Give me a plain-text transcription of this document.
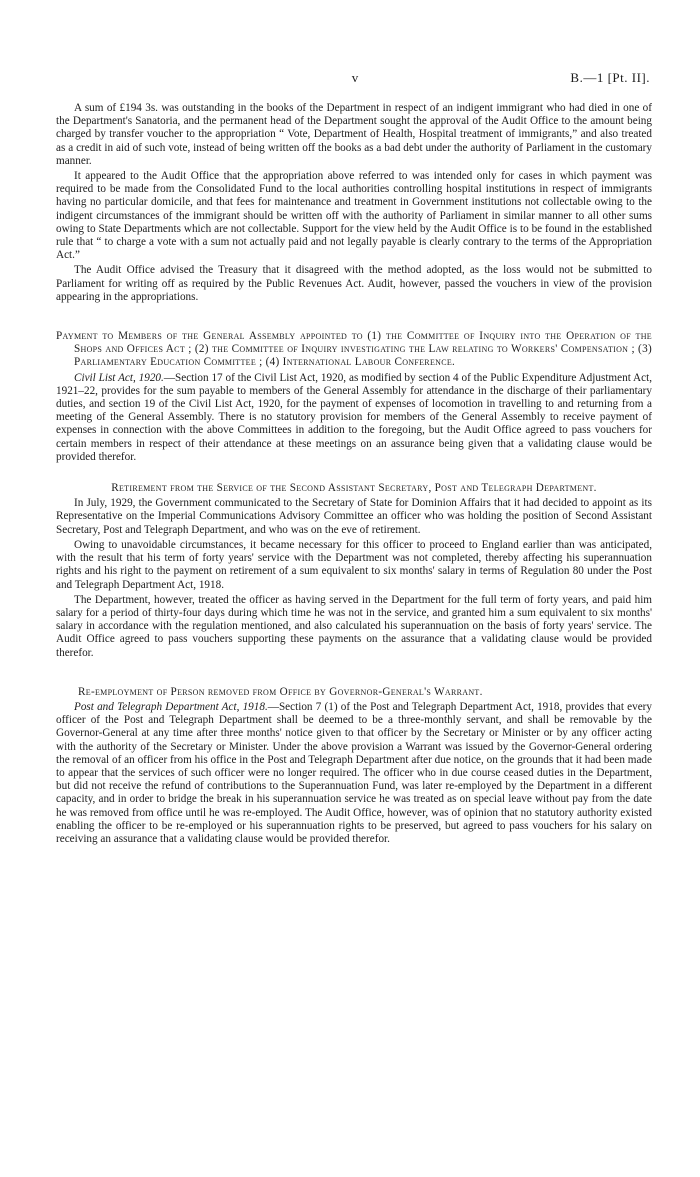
v	B.—1 [Pt. II].

A sum of £194 3s. was outstanding in the books of the Department in respect of an indigent immigrant who had died in one of the Department's Sanatoria, and the permanent head of the Department sought the approval of the Audit Office to the amount being charged by transfer voucher to the appropriation “ Vote, Department of Health, Hospital treatment of immigrants,” and also treated as a credit in aid of such vote, instead of being written off the books as a bad debt under the authority of Parliament in the customary manner.

It appeared to the Audit Office that the appropriation above referred to was intended only for cases in which payment was required to be made from the Consolidated Fund to the local authorities controlling hospital institutions in respect of immigrants having no particular domicile, and that fees for maintenance and treatment in Government institutions not collectable owing to the indigent circumstances of the immigrant should be written off with the authority of Parliament in similar manner to all other sums owing to State Departments which are not collectable. Support for the view held by the Audit Office is to be found in the established rule that “ to charge a vote with a sum not actually paid and not legally payable is clearly contrary to the terms of the Appropriation Act.”

The Audit Office advised the Treasury that it disagreed with the method adopted, as the loss would not be submitted to Parliament for writing off as required by the Public Revenues Act. Audit, however, passed the vouchers in view of the provision appearing in the appropriations.

Payment to Members of the General Assembly appointed to (1) the Committee of Inquiry into the Operation of the Shops and Offices Act ; (2) the Committee of Inquiry investigating the Law relating to Workers' Compensation ; (3) Parliamentary Education Committee ; (4) International Labour Conference.

Civil List Act, 1920.—Section 17 of the Civil List Act, 1920, as modified by section 4 of the Public Expenditure Adjustment Act, 1921–22, provides for the sum payable to members of the General Assembly for attendance in the discharge of their parliamentary duties, and section 19 of the Civil List Act, 1920, for the payment of expenses of locomotion in travelling to and returning from a meeting of the General Assembly. There is no statutory provision for members of the General Assembly to receive payment of expenses in connection with the above Committees in addition to the foregoing, but the Audit Office agreed to pass vouchers for certain members in respect of their attendance at these meetings on an assurance being given that a validating clause would be provided therefor.

Retirement from the Service of the Second Assistant Secretary, Post and Telegraph Department.

In July, 1929, the Government communicated to the Secretary of State for Dominion Affairs that it had decided to appoint as its Representative on the Imperial Communications Advisory Committee an officer who was holding the position of Second Assistant Secretary, Post and Telegraph Department, and who was on the eve of retirement.

Owing to unavoidable circumstances, it became necessary for this officer to proceed to England earlier than was anticipated, with the result that his term of forty years' service with the Department was not completed, thereby affecting his superannuation rights and his right to the payment on retirement of a sum equivalent to six months' salary in terms of Regulation 80 under the Post and Telegraph Department Act, 1918.

The Department, however, treated the officer as having served in the Department for the full term of forty years, and paid him salary for a period of thirty-four days during which time he was not in the service, and granted him a sum equivalent to six months' salary in accordance with the regulation mentioned, and also calculated his superannuation on the basis of forty years' service. The Audit Office agreed to pass vouchers supporting these payments on the assurance that a validating clause would be provided therefor.

Re-employment of Person removed from Office by Governor-General's Warrant.

Post and Telegraph Department Act, 1918.—Section 7 (1) of the Post and Telegraph Department Act, 1918, provides that every officer of the Post and Telegraph Department shall be deemed to be a three-monthly servant, and shall be removable by the Governor-General at any time after three months' notice given to that officer by the Secretary or Minister or by any officer acting with the authority of the Secretary or Minister. Under the above provision a Warrant was issued by the Governor-General ordering the removal of an officer from his office in the Post and Telegraph Department after due notice, on the grounds that it had been made to appear that the services of such officer were no longer required. The officer who in due course ceased duties in the Department, but did not receive the refund of contributions to the Superannuation Fund, was later re-employed by the Department in a different capacity, and in order to bridge the break in his superannuation service he was treated as on special leave without pay from the date he was removed from office until he was re-employed. The Audit Office, however, was of opinion that no statutory authority existed enabling the officer to be re-employed or his superannuation rights to be preserved, but agreed to pass vouchers for his salary on receiving an assurance that a validating clause would be provided therefor.
